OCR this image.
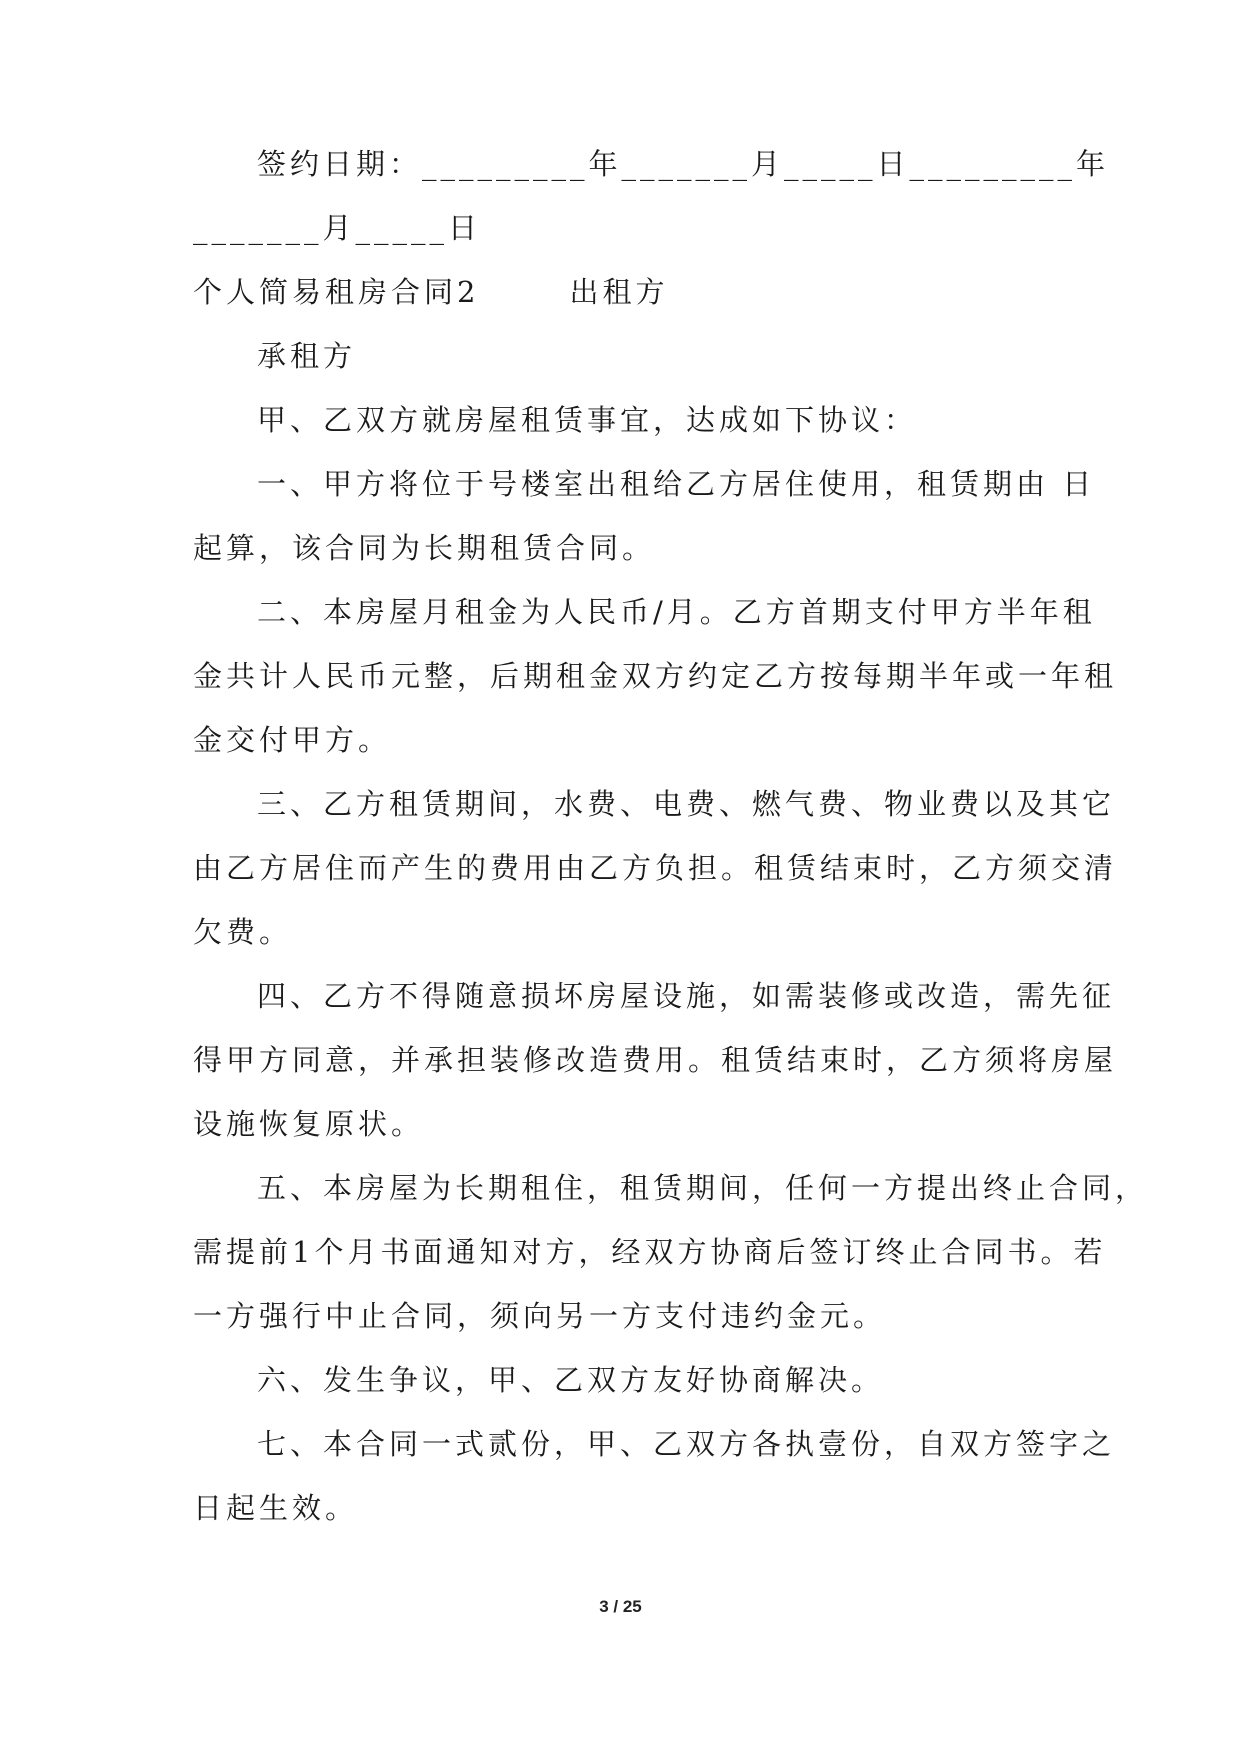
签约日期：_________年_______月_____日_________年

_______月_____日

个人简易租房合同2	出租方

承租方

甲、乙双方就房屋租赁事宜，达成如下协议：

一、甲方将位于号楼室出租给乙方居住使用，租赁期由 日

起算，该合同为长期租赁合同。

二、本房屋月租金为人民币/月。乙方首期支付甲方半年租

金共计人民币元整，后期租金双方约定乙方按每期半年或一年租

金交付甲方。

三、乙方租赁期间，水费、电费、燃气费、物业费以及其它

由乙方居住而产生的费用由乙方负担。租赁结束时，乙方须交清

欠费。

四、乙方不得随意损坏房屋设施，如需装修或改造，需先征

得甲方同意，并承担装修改造费用。租赁结束时，乙方须将房屋

设施恢复原状。

五、本房屋为长期租住，租赁期间，任何一方提出终止合同，

需提前1个月书面通知对方，经双方协商后签订终止合同书。若

一方强行中止合同，须向另一方支付违约金元。

六、发生争议，甲、乙双方友好协商解决。

七、本合同一式贰份，甲、乙双方各执壹份，自双方签字之

日起生效。

3 / 25
